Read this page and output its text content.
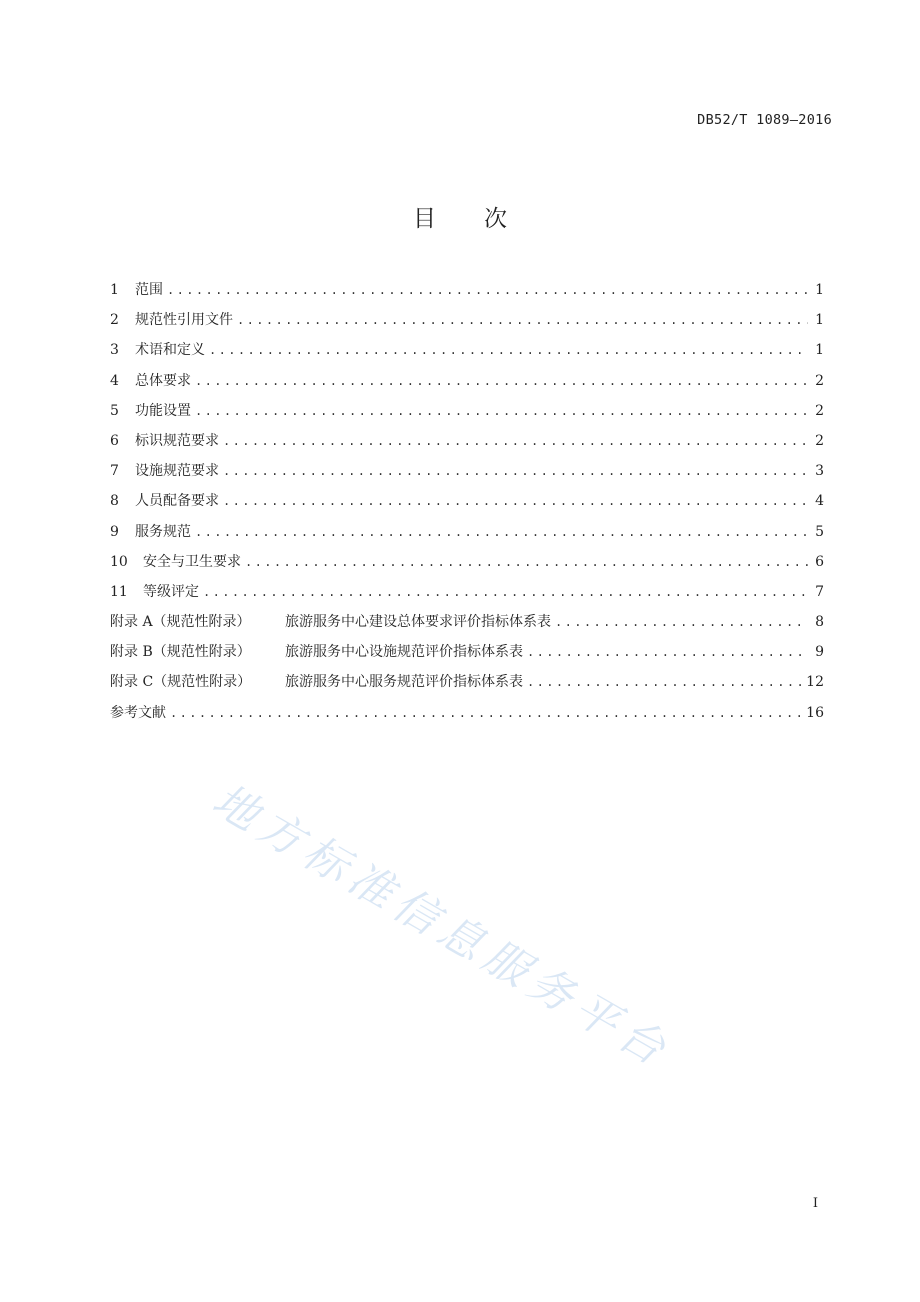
DB52/T 1089—2016
目次
1	范围 .....	1
2	规范性引用文件 .....	1
3	术语和定义 .....	1
4	总体要求 .....	2
5	功能设置 .....	2
6	标识规范要求 .....	2
7	设施规范要求 .....	3
8	人员配备要求 .....	4
9	服务规范 .....	5
10	安全与卫生要求 .....	6
11	等级评定 .....	7
附录 A（规范性附录）	旅游服务中心建设总体要求评价指标体系表 .....	8
附录 B（规范性附录）	旅游服务中心设施规范评价指标体系表 .....	9
附录 C（规范性附录）	旅游服务中心服务规范评价指标体系表 .....	12
参考文献 .....	16
地方标准信息服务平台
I
